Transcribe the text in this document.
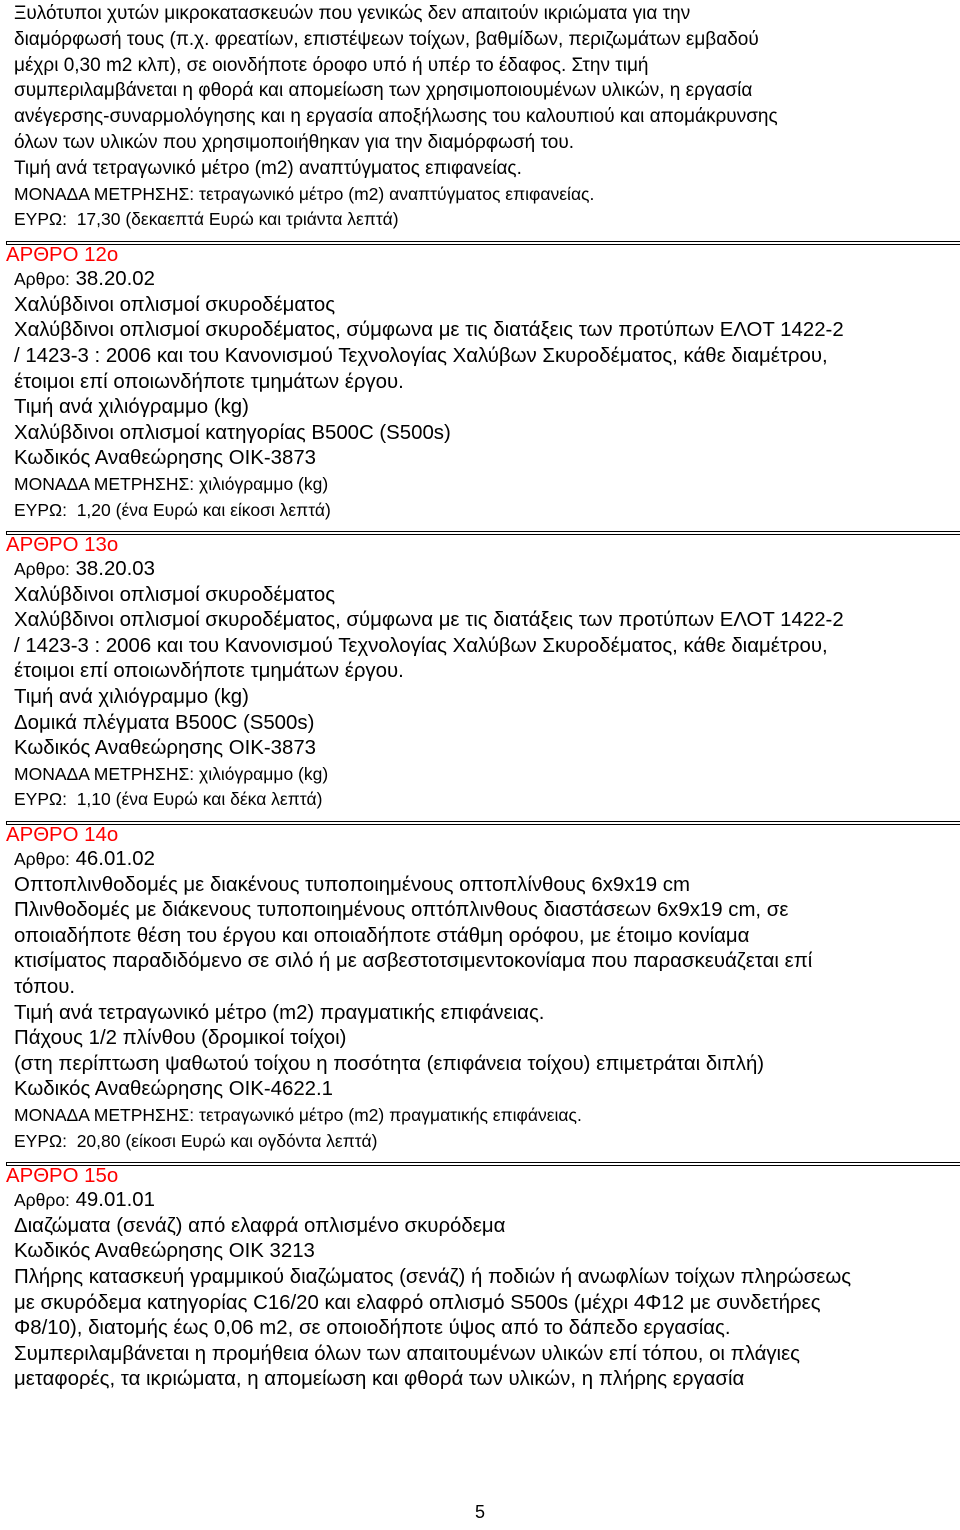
Ξυλότυποι χυτών μικροκατασκευών που γενικώς δεν απαιτούν ικριώματα για την
διαμόρφωσή τους (π.χ. φρεατίων, επιστέψεων τοίχων, βαθμίδων, περιζωμάτων εμβαδού
μέχρι 0,30 m2 κλπ), σε οιονδήποτε όροφο υπό ή υπέρ το έδαφος. Στην τιμή
συμπεριλαμβάνεται η φθορά και απομείωση των χρησιμοποιουμένων υλικών, η εργασία
ανέγερσης-συναρμολόγησης και η εργασία αποξήλωσης του καλουπιού και απομάκρυνσης
όλων των υλικών που χρησιμοποιήθηκαν για την διαμόρφωσή του.
Τιμή ανά τετραγωνικό μέτρο (m2) αναπτύγματος επιφανείας.
ΜΟΝΑΔΑ ΜΕΤΡΗΣΗΣ: τετραγωνικό μέτρο (m2) αναπτύγματος επιφανείας.
ΕΥΡΩ: 17,30 (δεκαεπτά Ευρώ και τριάντα λεπτά)
ΑΡΘΡΟ 12ο
Αρθρο: 38.20.02
Χαλύβδινοι οπλισμοί σκυροδέματος
Χαλύβδινοι οπλισμοί σκυροδέματος, σύμφωνα με τις διατάξεις των προτύπων ΕΛΟΤ 1422-2
/ 1423-3 : 2006 και του Κανονισμού Τεχνολογίας Χαλύβων Σκυροδέματος, κάθε διαμέτρου,
έτοιμοι επί οποιωνδήποτε τμημάτων έργου.
Τιμή ανά χιλιόγραμμο (kg)
Χαλύβδινοι οπλισμοί κατηγορίας B500C (S500s)
Κωδικός Αναθεώρησης ΟΙΚ-3873
ΜΟΝΑΔΑ ΜΕΤΡΗΣΗΣ: χιλιόγραμμο (kg)
ΕΥΡΩ: 1,20 (ένα Ευρώ και είκοσι λεπτά)
ΑΡΘΡΟ 13ο
Αρθρο: 38.20.03
Χαλύβδινοι οπλισμοί σκυροδέματος
Χαλύβδινοι οπλισμοί σκυροδέματος, σύμφωνα με τις διατάξεις των προτύπων ΕΛΟΤ 1422-2
/ 1423-3 : 2006 και του Κανονισμού Τεχνολογίας Χαλύβων Σκυροδέματος, κάθε διαμέτρου,
έτοιμοι επί οποιωνδήποτε τμημάτων έργου.
Τιμή ανά χιλιόγραμμο (kg)
Δομικά πλέγματα B500C (S500s)
Κωδικός Αναθεώρησης ΟΙΚ-3873
ΜΟΝΑΔΑ ΜΕΤΡΗΣΗΣ: χιλιόγραμμο (kg)
ΕΥΡΩ: 1,10 (ένα Ευρώ και δέκα λεπτά)
ΑΡΘΡΟ 14ο
Αρθρο: 46.01.02
Οπτοπλινθοδομές με διακένους τυποποιημένους οπτοπλίνθους 6x9x19 cm
Πλινθοδομές με διάκενους τυποποιημένους οπτόπλινθους διαστάσεων 6x9x19 cm, σε
οποιαδήποτε θέση του έργου και οποιαδήποτε στάθμη ορόφου, με έτοιμο κονίαμα
κτισίματος παραδιδόμενο σε σιλό ή με ασβεστοτσιμεντοκονίαμα που παρασκευάζεται επί
τόπου.
Τιμή ανά τετραγωνικό μέτρο (m2) πραγματικής επιφάνειας.
Πάχους 1/2 πλίνθου (δρομικοί τοίχοι)
(στη περίπτωση ψαθωτού τοίχου η ποσότητα (επιφάνεια τοίχου) επιμετράται διπλή)
Κωδικός Αναθεώρησης ΟΙΚ-4622.1
ΜΟΝΑΔΑ ΜΕΤΡΗΣΗΣ: τετραγωνικό μέτρο (m2) πραγματικής επιφάνειας.
ΕΥΡΩ: 20,80 (είκοσι Ευρώ και ογδόντα λεπτά)
ΑΡΘΡΟ 15ο
Αρθρο: 49.01.01
Διαζώματα (σενάζ) από ελαφρά οπλισμένο σκυρόδεμα
Κωδικός Αναθεώρησης ΟΙΚ 3213
Πλήρης κατασκευή γραμμικού διαζώματος (σενάζ) ή ποδιών ή ανωφλίων τοίχων πληρώσεως
με σκυρόδεμα κατηγορίας C16/20 και ελαφρό οπλισμό S500s (μέχρι 4Φ12 με συνδετήρες
Φ8/10), διατομής έως 0,06 m2, σε οποιοδήποτε ύψος από το δάπεδο εργασίας.
Συμπεριλαμβάνεται η προμήθεια όλων των απαιτουμένων υλικών επί τόπου, οι πλάγιες
μεταφορές, τα ικριώματα, η απομείωση και φθορά των υλικών, η πλήρης εργασία
5
